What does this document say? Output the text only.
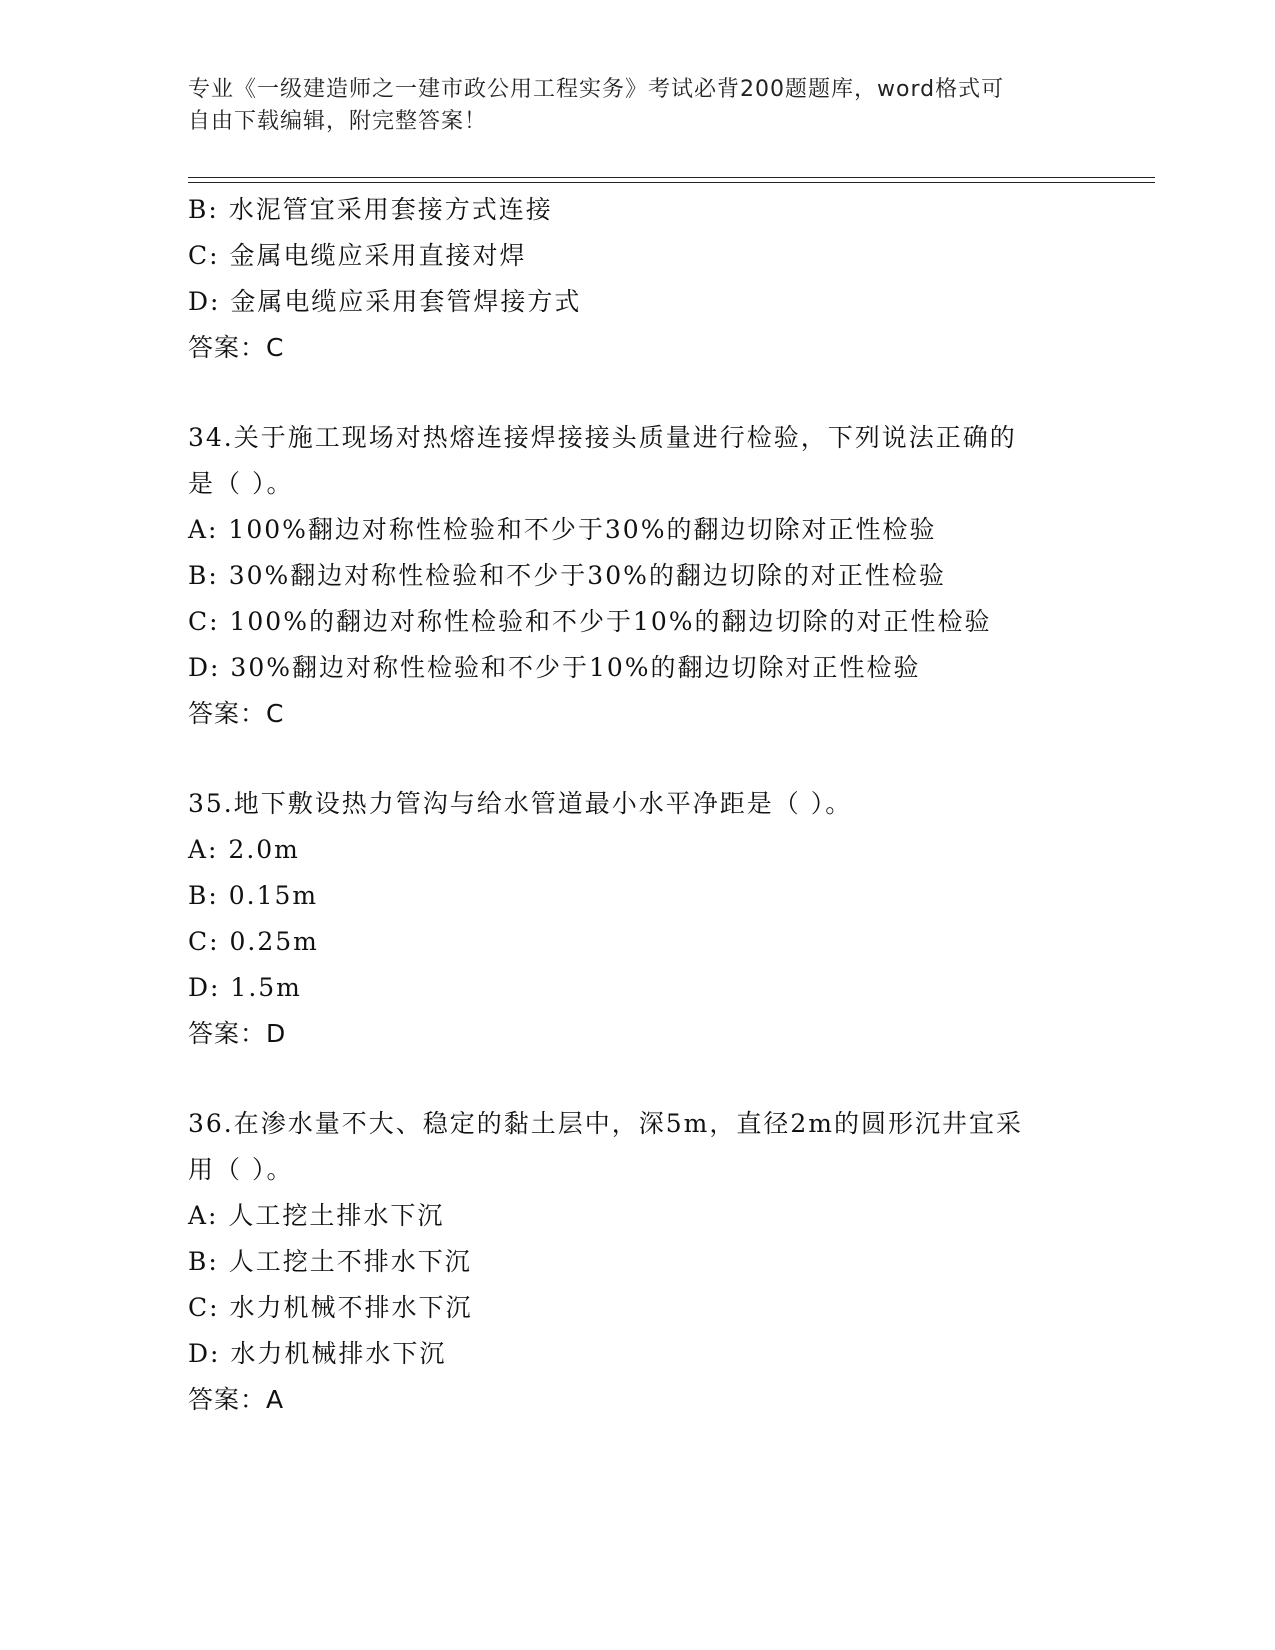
专业《一级建造师之一建市政公用工程实务》考试必背200题题库，word格式可
自由下载编辑，附完整答案！
B: 水泥管宜采用套接方式连接
C: 金属电缆应采用直接对焊
D: 金属电缆应采用套管焊接方式
答案：C
34.关于施工现场对热熔连接焊接接头质量进行检验，下列说法正确的
是（ ）。
A: 100%翻边对称性检验和不少于30%的翻边切除对正性检验
B: 30%翻边对称性检验和不少于30%的翻边切除的对正性检验
C: 100%的翻边对称性检验和不少于10%的翻边切除的对正性检验
D: 30%翻边对称性检验和不少于10%的翻边切除对正性检验
答案：C
35.地下敷设热力管沟与给水管道最小水平净距是（ ）。
A: 2.0m
B: 0.15m
C: 0.25m
D: 1.5m
答案：D
36.在渗水量不大、稳定的黏土层中，深5m，直径2m的圆形沉井宜采
用（ ）。
A: 人工挖土排水下沉
B: 人工挖土不排水下沉
C: 水力机械不排水下沉
D: 水力机械排水下沉
答案：A
